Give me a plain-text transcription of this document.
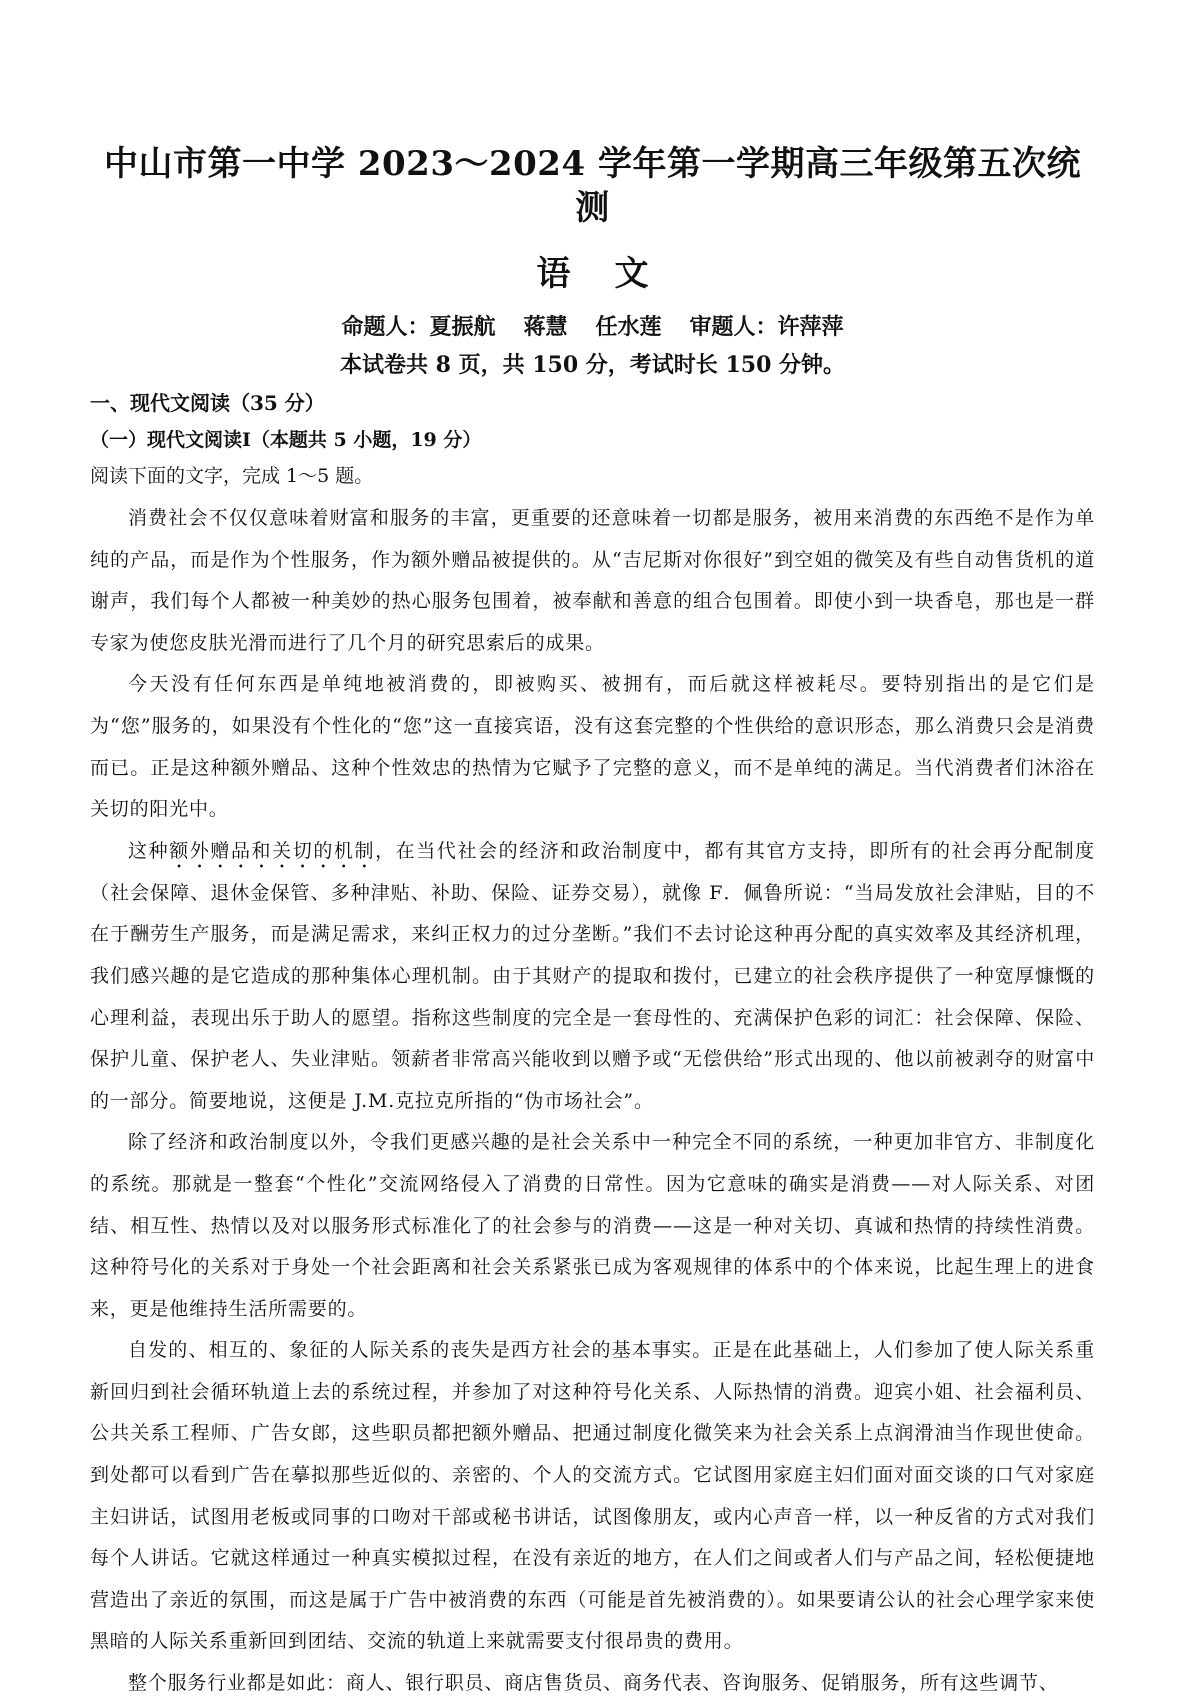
中山市第一中学 2023～2024 学年第一学期高三年级第五次统测
语文
命题人：夏振航 蒋慧 任水莲 审题人：许萍萍
本试卷共 8 页，共 150 分，考试时长 150 分钟。
一、现代文阅读（35 分）
（一）现代文阅读Ⅰ（本题共 5 小题，19 分）
阅读下面的文字，完成 1～5 题。

消费社会不仅仅意味着财富和服务的丰富，更重要的还意味着一切都是服务，被用来消费的东西绝不是作为单纯的产品，而是作为个性服务，作为额外赠品被提供的。从“吉尼斯对你很好”到空姐的微笑及有些自动售货机的道谢声，我们每个人都被一种美妙的热心服务包围着，被奉献和善意的组合包围着。即使小到一块香皂，那也是一群专家为使您皮肤光滑而进行了几个月的研究思索后的成果。

今天没有任何东西是单纯地被消费的，即被购买、被拥有，而后就这样被耗尽。要特别指出的是它们是为“您”服务的，如果没有个性化的“您”这一直接宾语，没有这套完整的个性供给的意识形态，那么消费只会是消费而已。正是这种额外赠品、这种个性效忠的热情为它赋予了完整的意义，而不是单纯的满足。当代消费者们沐浴在关切的阳光中。

这种额外赠品和关切的机制，在当代社会的经济和政治制度中，都有其官方支持，即所有的社会再分配制度（社会保障、退休金保管、多种津贴、补助、保险、证券交易），就像 F．佩鲁所说：“当局发放社会津贴，目的不在于酬劳生产服务，而是满足需求，来纠正权力的过分垄断。”我们不去讨论这种再分配的真实效率及其经济机理，我们感兴趣的是它造成的那种集体心理机制。由于其财产的提取和拨付，已建立的社会秩序提供了一种宽厚慷慨的心理利益，表现出乐于助人的愿望。指称这些制度的完全是一套母性的、充满保护色彩的词汇：社会保障、保险、保护儿童、保护老人、失业津贴。领薪者非常高兴能收到以赠予或“无偿供给”形式出现的、他以前被剥夺的财富中的一部分。简要地说，这便是 J.M.克拉克所指的“伪市场社会”。

除了经济和政治制度以外，令我们更感兴趣的是社会关系中一种完全不同的系统，一种更加非官方、非制度化的系统。那就是一整套“个性化”交流网络侵入了消费的日常性。因为它意味的确实是消费——对人际关系、对团结、相互性、热情以及对以服务形式标准化了的社会参与的消费——这是一种对关切、真诚和热情的持续性消费。这种符号化的关系对于身处一个社会距离和社会关系紧张已成为客观规律的体系中的个体来说，比起生理上的进食来，更是他维持生活所需要的。

自发的、相互的、象征的人际关系的丧失是西方社会的基本事实。正是在此基础上，人们参加了使人际关系重新回归到社会循环轨道上去的系统过程，并参加了对这种符号化关系、人际热情的消费。迎宾小姐、社会福利员、公共关系工程师、广告女郎，这些职员都把额外赠品、把通过制度化微笑来为社会关系上点润滑油当作现世使命。到处都可以看到广告在摹拟那些近似的、亲密的、个人的交流方式。它试图用家庭主妇们面对面交谈的口气对家庭主妇讲话，试图用老板或同事的口吻对干部或秘书讲话，试图像朋友，或内心声音一样，以一种反省的方式对我们每个人讲话。它就这样通过一种真实模拟过程，在没有亲近的地方，在人们之间或者人们与产品之间，轻松便捷地营造出了亲近的氛围，而这是属于广告中被消费的东西（可能是首先被消费的）。如果要请公认的社会心理学家来使黑暗的人际关系重新回到团结、交流的轨道上来就需要支付很昂贵的费用。

整个服务行业都是如此：商人、银行职员、商店售货员、商务代表、咨询服务、促销服务，所有这些调节、
